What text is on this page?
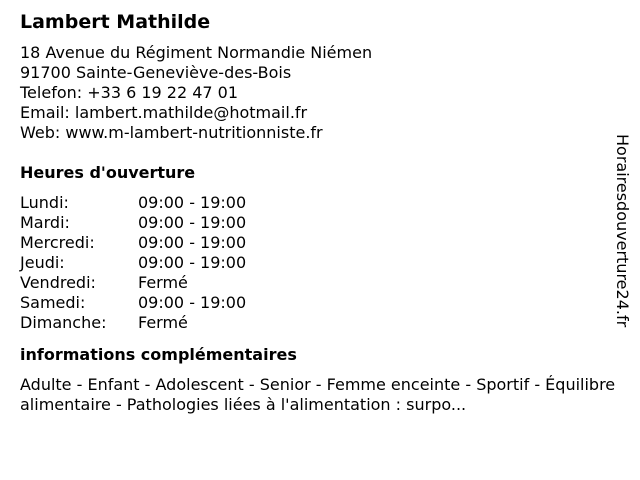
Lambert Mathilde
18 Avenue du Régiment Normandie Niémen
91700 Sainte-Geneviève-des-Bois
Telefon: +33 6 19 22 47 01
Email: lambert.mathilde@hotmail.fr
Web: www.m-lambert-nutritionniste.fr
Heures d'ouverture
Lundi:	09:00 - 19:00
Mardi:	09:00 - 19:00
Mercredi:	09:00 - 19:00
Jeudi:	09:00 - 19:00
Vendredi:	Fermé
Samedi:	09:00 - 19:00
Dimanche:	Fermé
informations complémentaires
Adulte - Enfant - Adolescent - Senior - Femme enceinte - Sportif - Équilibre alimentaire - Pathologies liées à l'alimentation : surpo...
Horairesdouverture24.fr
